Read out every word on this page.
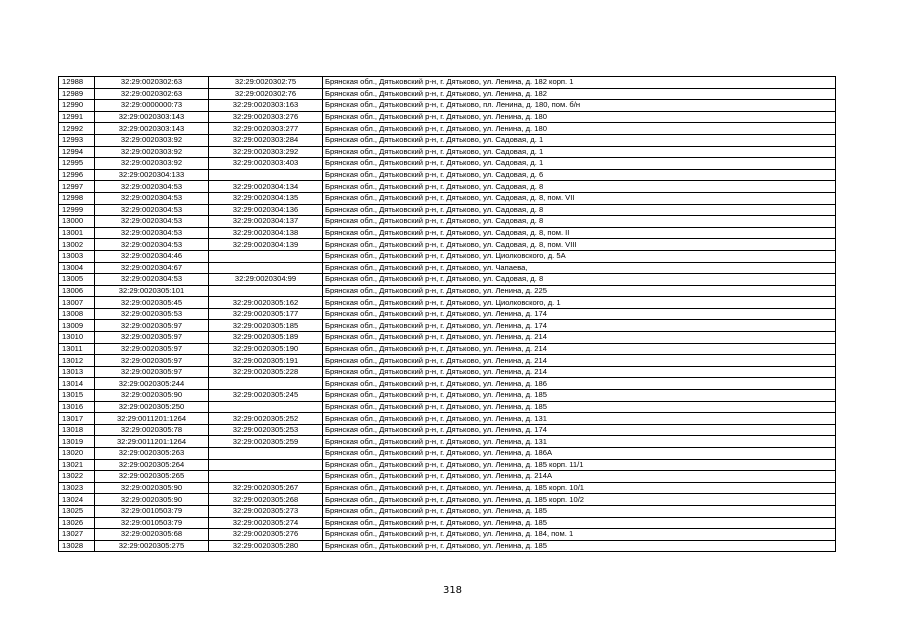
12988	32:29:0020302:63	32:29:0020302:75	Брянская обл., Дятьковский р-н, г. Дятьково, ул. Ленина, д. 182 корп. 1
12989	32:29:0020302:63	32:29:0020302:76	Брянская обл., Дятьковский р-н, г. Дятьково, ул. Ленина, д. 182
12990	32:29:0000000:73	32:29:0020303:163	Брянская обл., Дятьковский р-н, г. Дятьково, пл. Ленина, д. 180, пом. б/н
12991	32:29:0020303:143	32:29:0020303:276	Брянская обл., Дятьковский р-н, г. Дятьково, ул. Ленина, д. 180
12992	32:29:0020303:143	32:29:0020303:277	Брянская обл., Дятьковский р-н, г. Дятьково, ул. Ленина, д. 180
12993	32:29:0020303:92	32:29:0020303:284	Брянская обл., Дятьковский р-н, г. Дятьково, ул. Садовая, д. 1
12994	32:29:0020303:92	32:29:0020303:292	Брянская обл., Дятьковский р-н, г. Дятьково, ул. Садовая, д. 1
12995	32:29:0020303:92	32:29:0020303:403	Брянская обл., Дятьковский р-н, г. Дятьково, ул. Садовая, д. 1
12996	32:29:0020304:133		Брянская обл., Дятьковский р-н, г. Дятьково, ул. Садовая, д. 6
12997	32:29:0020304:53	32:29:0020304:134	Брянская обл., Дятьковский р-н, г. Дятьково, ул. Садовая, д. 8
12998	32:29:0020304:53	32:29:0020304:135	Брянская обл., Дятьковский р-н, г. Дятьково, ул. Садовая, д. 8, пом. VII
12999	32:29:0020304:53	32:29:0020304:136	Брянская обл., Дятьковский р-н, г. Дятьково, ул. Садовая, д. 8
13000	32:29:0020304:53	32:29:0020304:137	Брянская обл., Дятьковский р-н, г. Дятьково, ул. Садовая, д. 8
13001	32:29:0020304:53	32:29:0020304:138	Брянская обл., Дятьковский р-н, г. Дятьково, ул. Садовая, д. 8, пом. II
13002	32:29:0020304:53	32:29:0020304:139	Брянская обл., Дятьковский р-н, г. Дятьково, ул. Садовая, д. 8, пом. VIII
13003	32:29:0020304:46		Брянская обл., Дятьковский р-н, г. Дятьково, ул. Циолковского, д. 5А
13004	32:29:0020304:67		Брянская обл., Дятьковский р-н, г. Дятьково, ул. Чапаева,
13005	32:29:0020304:53	32:29:0020304:99	Брянская обл., Дятьковский р-н, г. Дятьково, ул. Садовая, д. 8
13006	32:29:0020305:101		Брянская обл., Дятьковский р-н, г. Дятьково, ул. Ленина, д. 225
13007	32:29:0020305:45	32:29:0020305:162	Брянская обл., Дятьковский р-н, г. Дятьково, ул. Циолковского, д. 1
13008	32:29:0020305:53	32:29:0020305:177	Брянская обл., Дятьковский р-н, г. Дятьково, ул. Ленина, д. 174
13009	32:29:0020305:97	32:29:0020305:185	Брянская обл., Дятьковский р-н, г. Дятьково, ул. Ленина, д. 174
13010	32:29:0020305:97	32:29:0020305:189	Брянская обл., Дятьковский р-н, г. Дятьково, ул. Ленина, д. 214
13011	32:29:0020305:97	32:29:0020305:190	Брянская обл., Дятьковский р-н, г. Дятьково, ул. Ленина, д. 214
13012	32:29:0020305:97	32:29:0020305:191	Брянская обл., Дятьковский р-н, г. Дятьково, ул. Ленина, д. 214
13013	32:29:0020305:97	32:29:0020305:228	Брянская обл., Дятьковский р-н, г. Дятьково, ул. Ленина, д. 214
13014	32:29:0020305:244		Брянская обл., Дятьковский р-н, г. Дятьково, ул. Ленина, д. 186
13015	32:29:0020305:90	32:29:0020305:245	Брянская обл., Дятьковский р-н, г. Дятьково, ул. Ленина, д. 185
13016	32:29:0020305:250		Брянская обл., Дятьковский р-н, г. Дятьково, ул. Ленина, д. 185
13017	32:29:0011201:1264	32:29:0020305:252	Брянская обл., Дятьковский р-н, г. Дятьково, ул. Ленина, д. 131
13018	32:29:0020305:78	32:29:0020305:253	Брянская обл., Дятьковский р-н, г. Дятьково, ул. Ленина, д. 174
13019	32:29:0011201:1264	32:29:0020305:259	Брянская обл., Дятьковский р-н, г. Дятьково, ул. Ленина, д. 131
13020	32:29:0020305:263		Брянская обл., Дятьковский р-н, г. Дятьково, ул. Ленина, д. 186А
13021	32:29:0020305:264		Брянская обл., Дятьковский р-н, г. Дятьково, ул. Ленина, д. 185 корп. 11/1
13022	32:29:0020305:265		Брянская обл., Дятьковский р-н, г. Дятьково, ул. Ленина, д. 214А
13023	32:29:0020305:90	32:29:0020305:267	Брянская обл., Дятьковский р-н, г. Дятьково, ул. Ленина, д. 185 корп. 10/1
13024	32:29:0020305:90	32:29:0020305:268	Брянская обл., Дятьковский р-н, г. Дятьково, ул. Ленина, д. 185 корп. 10/2
13025	32:29:0010503:79	32:29:0020305:273	Брянская обл., Дятьковский р-н, г. Дятьково, ул. Ленина, д. 185
13026	32:29:0010503:79	32:29:0020305:274	Брянская обл., Дятьковский р-н, г. Дятьково, ул. Ленина, д. 185
13027	32:29:0020305:68	32:29:0020305:276	Брянская обл., Дятьковский р-н, г. Дятьково, ул. Ленина, д. 184, пом. 1
13028	32:29:0020305:275	32:29:0020305:280	Брянская обл., Дятьковский р-н, г. Дятьково, ул. Ленина, д. 185
318
